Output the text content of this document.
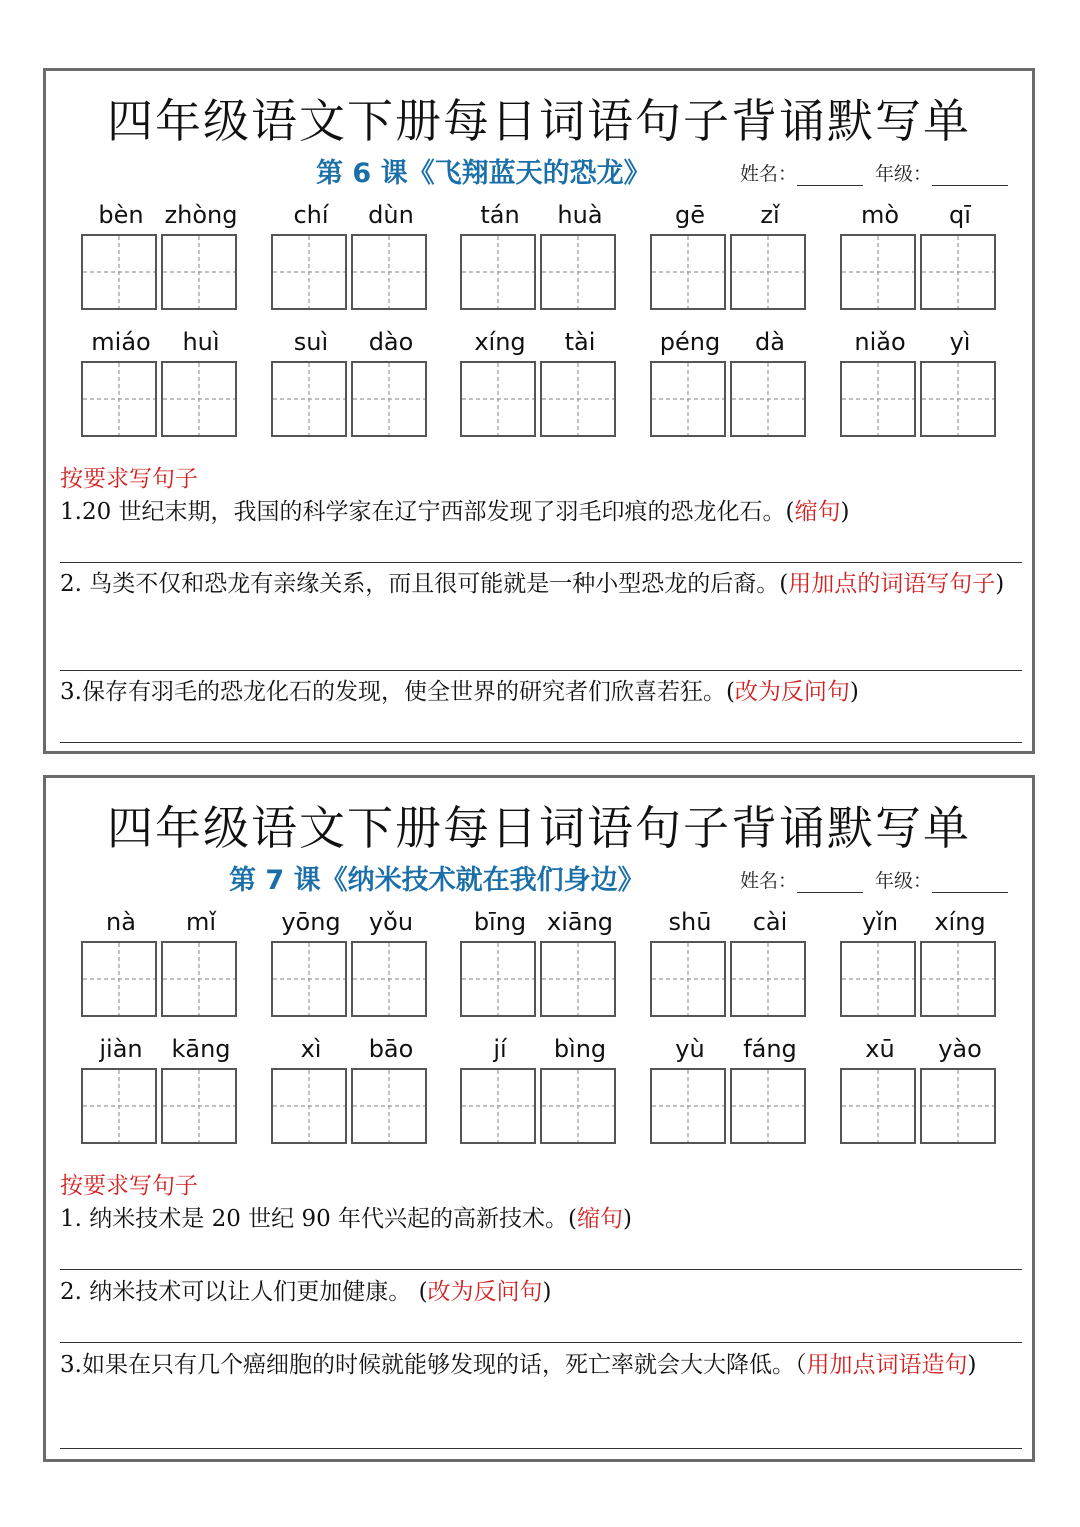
四年级语文下册每日词语句子背诵默写单
第 6 课《飞翔蓝天的恐龙》	姓名：	年级：
bèn zhòng	chí	dùn	tán	huà	gē	zǐ	mò	qī
miáo	huì	suì	dào	xíng	tài	péng	dà	niǎo	yì
按要求写句子
1.20 世纪末期，我国的科学家在辽宁西部发现了羽毛印痕的恐龙化石。(缩句)
2. 鸟类不仅和恐龙有亲缘关系，而且很可能就是一种小型恐龙的后裔。(用加点的词语写句子)
3.保存有羽毛的恐龙化石的发现，使全世界的研究者们欣喜若狂。(改为反问句)
四年级语文下册每日词语句子背诵默写单
第 7 课《纳米技术就在我们身边》	姓名：	年级：
nà	mǐ	yōng	yǒu	bīng xiāng	shū	cài	yǐn	xíng
jiàn	kāng	xì	bāo	jí	bìng	yù	fáng	xū	yào
按要求写句子
1. 纳米技术是 20 世纪 90 年代兴起的高新技术。(缩句)
2. 纳米技术可以让人们更加健康。 (改为反问句)
3.如果在只有几个癌细胞的时候就能够发现的话，死亡率就会大大降低。（用加点词语造句)
